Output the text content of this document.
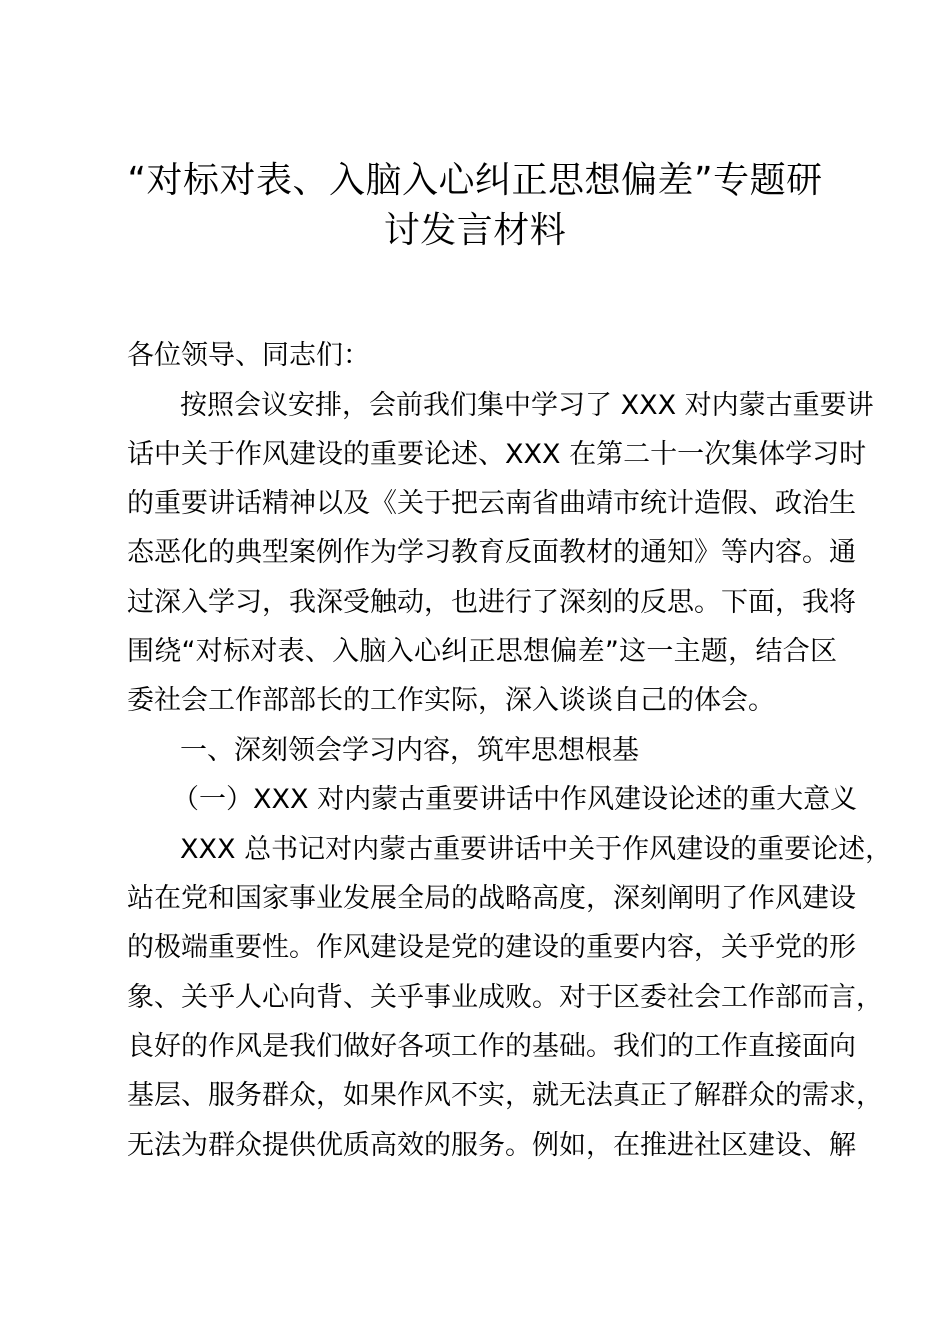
“对标对表、入脑入心纠正思想偏差”专题研
讨发言材料
各位领导、同志们：
按照会议安排，会前我们集中学习了 XXX 对内蒙古重要讲
话中关于作风建设的重要论述、XXX 在第二十一次集体学习时
的重要讲话精神以及《关于把云南省曲靖市统计造假、政治生
态恶化的典型案例作为学习教育反面教材的通知》等内容。通
过深入学习，我深受触动，也进行了深刻的反思。下面，我将
围绕“对标对表、入脑入心纠正思想偏差”这一主题，结合区
委社会工作部部长的工作实际，深入谈谈自己的体会。
一、深刻领会学习内容，筑牢思想根基
（一）XXX 对内蒙古重要讲话中作风建设论述的重大意义
XXX 总书记对内蒙古重要讲话中关于作风建设的重要论述，
站在党和国家事业发展全局的战略高度，深刻阐明了作风建设
的极端重要性。作风建设是党的建设的重要内容，关乎党的形
象、关乎人心向背、关乎事业成败。对于区委社会工作部而言，
良好的作风是我们做好各项工作的基础。我们的工作直接面向
基层、服务群众，如果作风不实，就无法真正了解群众的需求，
无法为群众提供优质高效的服务。例如，在推进社区建设、解
